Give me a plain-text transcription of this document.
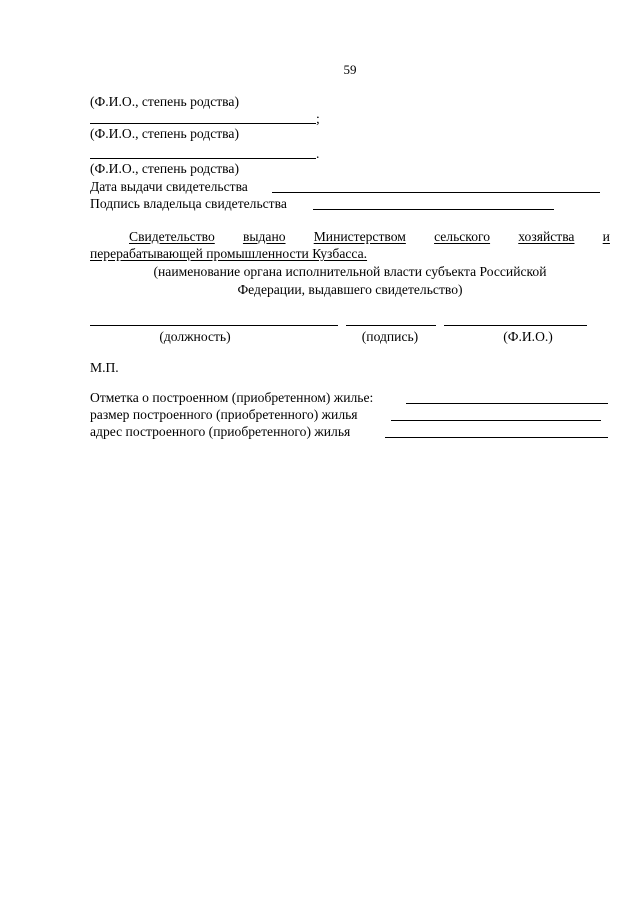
59
(Ф.И.О., степень родства)
;
(Ф.И.О., степень родства)
.
(Ф.И.О., степень родства)
Дата выдачи свидетельства
Подпись владельца свидетельства
Свидетельство выдано Министерством сельского хозяйства и
перерабатывающей промышленности Кузбасса.
(наименование органа исполнительной власти субъекта Российской
Федерации, выдавшего свидетельство)
(должность)	(подпись)	(Ф.И.О.)
М.П.
Отметка о построенном (приобретенном) жилье:
размер построенного (приобретенного) жилья
адрес построенного (приобретенного) жилья
